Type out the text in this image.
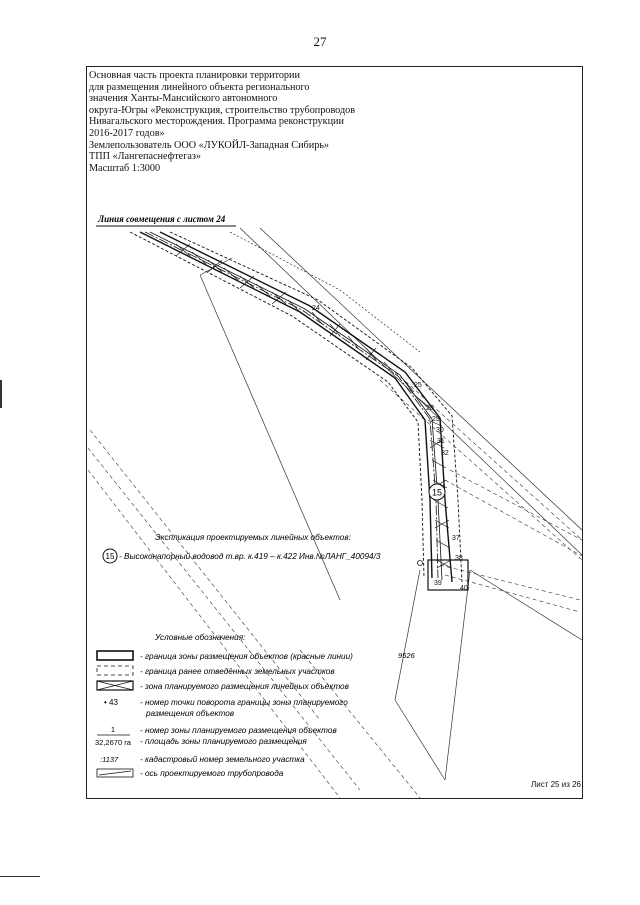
27
Основная часть проекта планировки территории
для размещения линейного объекта регионального
значения Ханты-Мансийского автономного
округа-Югры «Реконструкция, строительство трубопроводов
Нивагальского месторождения. Программа реконструкции
2016-2017 годов»
Землепользователь ООО «ЛУКОЙЛ-Западная Сибирь»
ТПП «Лангепаснефтегаз»
Масштаб 1:3000
Линия совмещения с листом 24
24
25
28
29
30
31
32
37
38
39
40
15
9526
Экспликация проектируемых линейных объектов:
15 - Высоконапорный водовод т.вр. к.419 – к.422 Инв.№ЛАНГ_40094/3
Условные обозначения:
- граница зоны размещения объектов (красные линии)
- граница ранее отведённых земельных участков
- зона планируемого размещения линейных объектов
• 43	- номер точки поворота границы зоны планируемого
размещения объектов
1
32,2670 га
- номер зоны планируемого размещения объектов
- площадь зоны планируемого размещения
:1137	- кадастровый номер земельного участка
- ось проектируемого трубопровода
Лист 25 из 26
